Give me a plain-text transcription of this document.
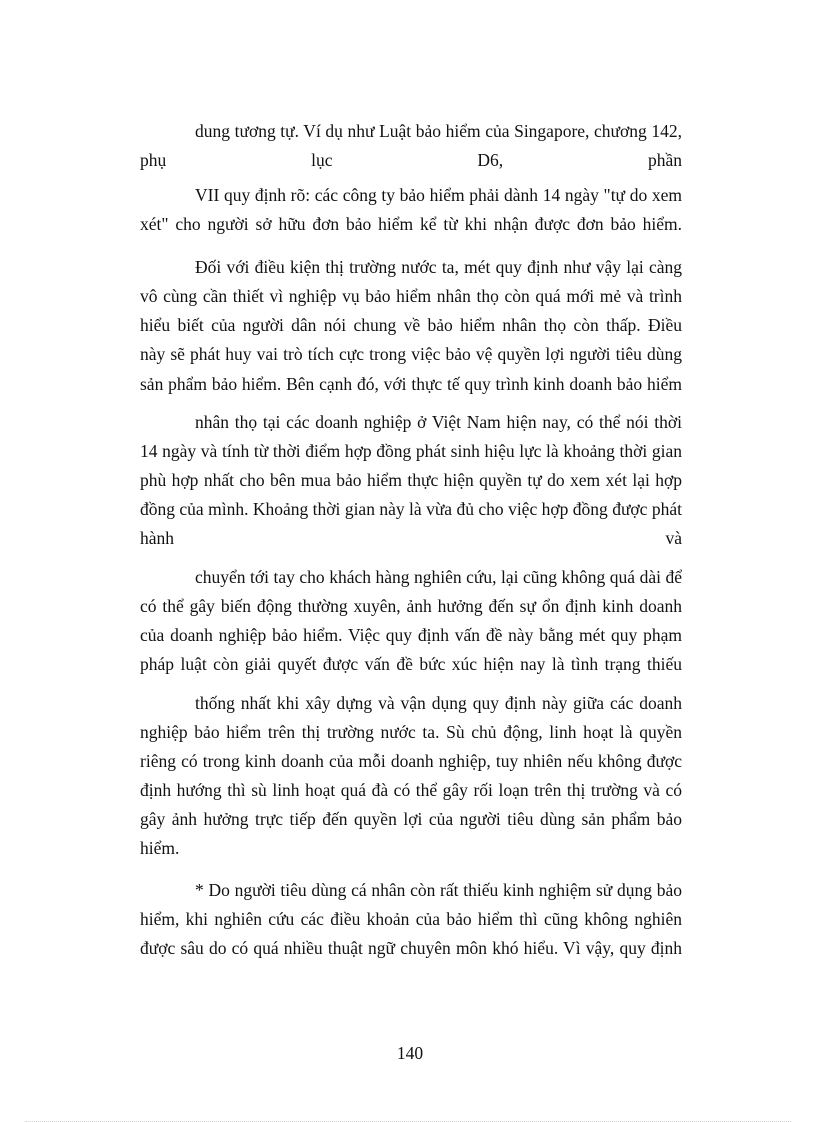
dung tương tự. Ví dụ như Luật bảo hiểm của Singapore, chương 142,
phụ lục D6, phần
VII quy định rõ: các công ty bảo hiểm phải dành 14 ngày "tự do xem
xét" cho người sở hữu đơn bảo hiểm kể từ khi nhận được đơn bảo hiểm.
Đối với điều kiện thị trường nước ta, mét quy định như vậy lại càng
vô cùng cần thiết vì nghiệp vụ bảo hiểm nhân thọ còn quá mới mẻ và trình
hiểu biết của người dân nói chung về bảo hiểm nhân thọ còn thấp. Điều
này sẽ phát huy vai trò tích cực trong việc bảo vệ quyền lợi người tiêu dùng
sản phẩm bảo hiểm. Bên cạnh đó, với thực tế quy trình kinh doanh bảo hiểm
nhân thọ tại các doanh nghiệp ở Việt Nam hiện nay, có thể nói thời
14 ngày và tính từ thời điểm hợp đồng phát sinh hiệu lực là khoảng thời gian
phù hợp nhất cho bên mua bảo hiểm thực hiện quyền tự do xem xét lại hợp
đồng của mình. Khoảng thời gian này là vừa đủ cho việc hợp đồng được phát
hành và
chuyển tới tay cho khách hàng nghiên cứu, lại cũng không quá dài để
có thể gây biến động thường xuyên, ảnh hưởng đến sự ổn định kinh doanh
của doanh nghiệp bảo hiểm. Việc quy định vấn đề này bằng mét quy phạm
pháp luật còn giải quyết được vấn đề bức xúc hiện nay là tình trạng thiếu
thống nhất khi xây dựng và vận dụng quy định này giữa các doanh
nghiệp bảo hiểm trên thị trường nước ta. Sù chủ động, linh hoạt là quyền
riêng có trong kinh doanh của mỗi doanh nghiệp, tuy nhiên nếu không được
định hướng thì sù linh hoạt quá đà có thể gây rối loạn trên thị trường và có
gây ảnh hưởng trực tiếp đến quyền lợi của người tiêu dùng sản phẩm bảo
hiểm.
* Do người tiêu dùng cá nhân còn rất thiếu kinh nghiệm sử dụng bảo
hiểm, khi nghiên cứu các điều khoản của bảo hiểm thì cũng không nghiên
được sâu do có quá nhiều thuật ngữ chuyên môn khó hiểu. Vì vậy, quy định
140
